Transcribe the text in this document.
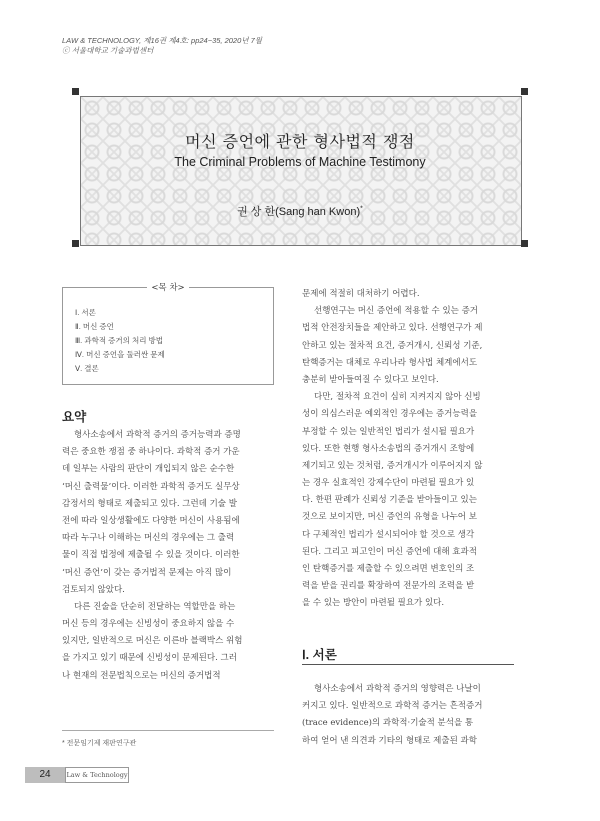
LAW & TECHNOLOGY, 제16권 제4호: pp24~35, 2020년 7월
ⓒ 서울대학교 기술과법센터
머신 증언에 관한 형사법적 쟁점
The Criminal Problems of Machine Testimony
권 상 한(Sang han Kwon)*
<목 차>
Ⅰ. 서론
Ⅱ. 머신 증언
Ⅲ. 과학적 증거의 처리 방법
Ⅳ. 머신 증언을 둘러싼 문제
Ⅴ. 결론
요약
형사소송에서 과학적 증거의 증거능력과 증명
력은 중요한 쟁점 중 하나이다. 과학적 증거 가운
데 일부는 사람의 판단이 개입되지 않은 순수한
‘머신 출력물’이다. 이러한 과학적 증거도 실무상
감정서의 형태로 제출되고 있다. 그런데 기술 발
전에 따라 일상생활에도 다양한 머신이 사용됨에
따라 누구나 이해하는 머신의 경우에는 그 출력
물이 직접 법정에 제출될 수 있을 것이다. 이러한
‘머신 증언’이 갖는 증거법적 문제는 아직 많이
검토되지 않았다.
다른 진술을 단순히 전달하는 역할만을 하는
머신 등의 경우에는 신빙성이 중요하지 않을 수
있지만, 일반적으로 머신은 이른바 블랙박스 위험
을 가지고 있기 때문에 신빙성이 문제된다. 그러
나 현재의 전문법칙으로는 머신의 증거법적
문제에 적절히 대처하기 어렵다.
선행연구는 머신 증언에 적용할 수 있는 증거
법적 안전장치들을 제안하고 있다. 선행연구가 제
안하고 있는 절차적 요건, 증거개시, 신뢰성 기준,
탄핵증거는 대체로 우리나라 형사법 체계에서도
충분히 받아들여질 수 있다고 보인다.
다만, 절차적 요건이 심히 지켜지지 않아 신빙
성이 의심스러운 예외적인 경우에는 증거능력을
부정할 수 있는 일반적인 법리가 설시될 필요가
있다. 또한 현행 형사소송법의 증거개시 조항에
제기되고 있는 것처럼, 증거개시가 이루어지지 않
는 경우 실효적인 강제수단이 마련될 필요가 있
다. 한편 판례가 신뢰성 기준을 받아들이고 있는
것으로 보이지만, 머신 증언의 유형을 나누어 보
다 구체적인 법리가 설시되어야 할 것으로 생각
된다. 그리고 피고인이 머신 증언에 대해 효과적
인 탄핵증거를 제출할 수 있으려면 변호인의 조
력을 받을 권리를 확장하여 전문가의 조력을 받
을 수 있는 방안이 마련될 필요가 있다.
Ⅰ. 서론
형사소송에서 과학적 증거의 영향력은 나날이
커지고 있다. 일반적으로 과학적 증거는 흔적증거
(trace evidence)의 과학적·기술적 분석을 통
하여 얻어 낸 의견과 기타의 형태로 제출된 과학
* 전문임기제 재판연구관
24	Law & Technology
